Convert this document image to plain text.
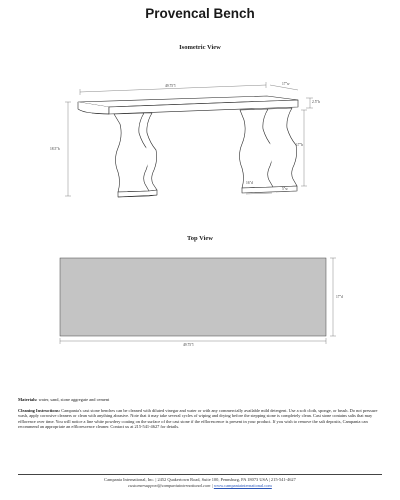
Provencal Bench
Isometric View
49.75"l	17"w
2.5"h
18.5"h
17"h
16"d
5"w
17"d
49.75"l
Top View
Materials: water, sand, stone aggregate and cement
Cleaning Instructions: Campania's cast stone benches can be cleaned with diluted vinegar and water or with any commercially available mild detergent. Use a soft cloth, sponge, or brush. Do not pressure wash, apply corrosive cleaners or clean with anything abrasive. Note that it may take several cycles of wiping and drying before the stepping stone is completely clean. Cast stone contains salts that may efflorence over time. You will notice a line white powdery coating on the surface of the cast stone if the efflorescence is present in your product. If you wish to remove the salt deposits, Campania can recommend an appropriate an efflorescence cleaner. Contact us at 215-541-4627 for details.
Campania International, Inc. | 2452 Quakertown Road, Suite 100, Pennsburg, PA 18073 USA | 215-541-4627
customersupport@campaniainternational.com | www.campaniainternational.com
